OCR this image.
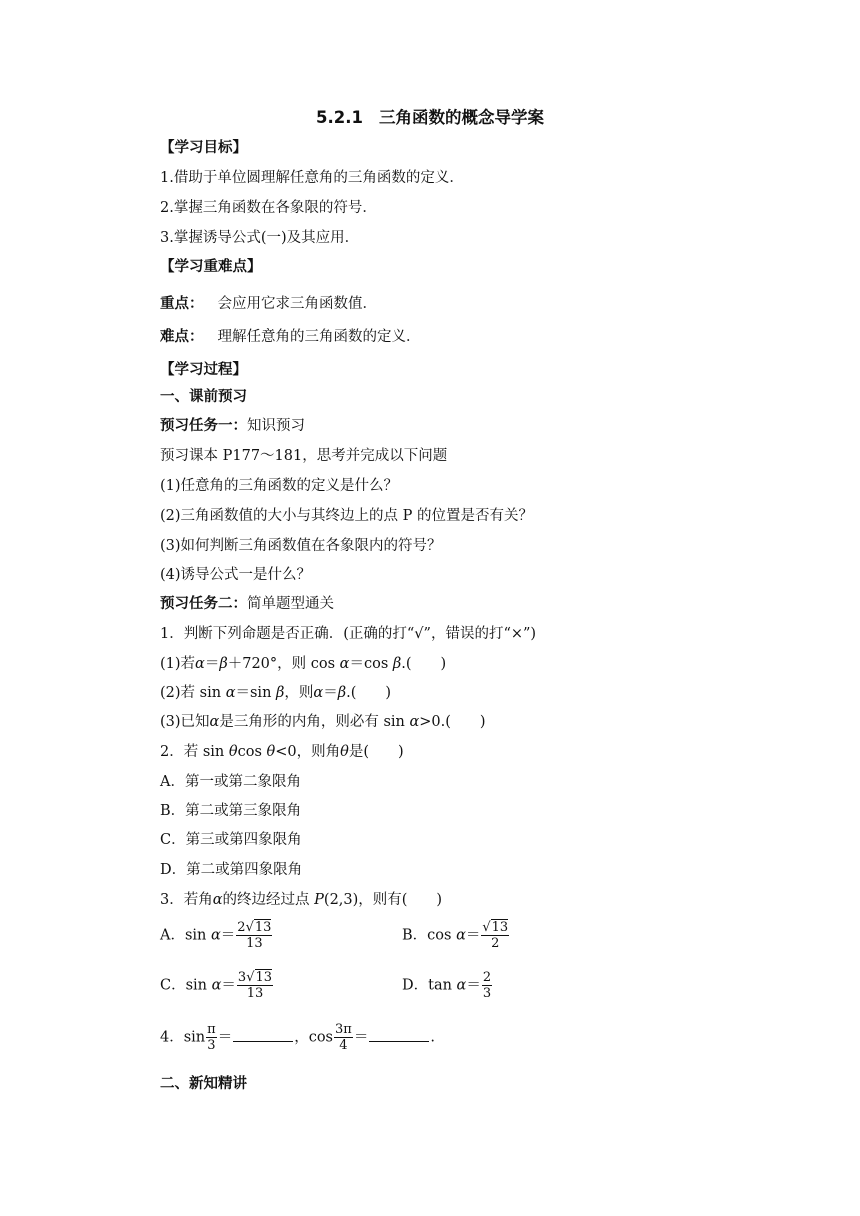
5.2.1 三角函数的概念导学案
【学习目标】
1.借助于单位圆理解任意角的三角函数的定义．
2.掌握三角函数在各象限的符号．
3.掌握诱导公式(一)及其应用．
【学习重难点】
重点： 会应用它求三角函数值．
难点： 理解任意角的三角函数的定义．
【学习过程】
一、课前预习
预习任务一：知识预习
预习课本 P177～181，思考并完成以下问题
(1)任意角的三角函数的定义是什么？
(2)三角函数值的大小与其终边上的点 P 的位置是否有关？
(3)如何判断三角函数值在各象限内的符号？
(4)诱导公式一是什么？
预习任务二：简单题型通关
1．判断下列命题是否正确．(正确的打“√”，错误的打“×”)
(1)若α＝β＋720°，则 cos α＝cos β.(　　)
(2)若 sin α＝sin β，则α＝β.(　　)
(3)已知α是三角形的内角，则必有 sin α>0.(　　)
2．若 sin θcos θ<0，则角θ是(　　)
A．第一或第二象限角
B．第二或第三象限角
C．第三或第四象限角
D．第二或第四象限角
3．若角α的终边经过点 P(2,3)，则有(　　)
A．$\sin \alpha= \frac{2√13}{13}$	B．$\cos \alpha= \frac{√13}{2}$
C．$\sin \alpha= \frac{3√13}{13}$	D．$\tan \alpha= \frac{2}{3}$
4．$\sin \frac{\pi}{3}$ ＝	，$\cos \frac{3\pi}{4}$ ＝	.
二、新知精讲
